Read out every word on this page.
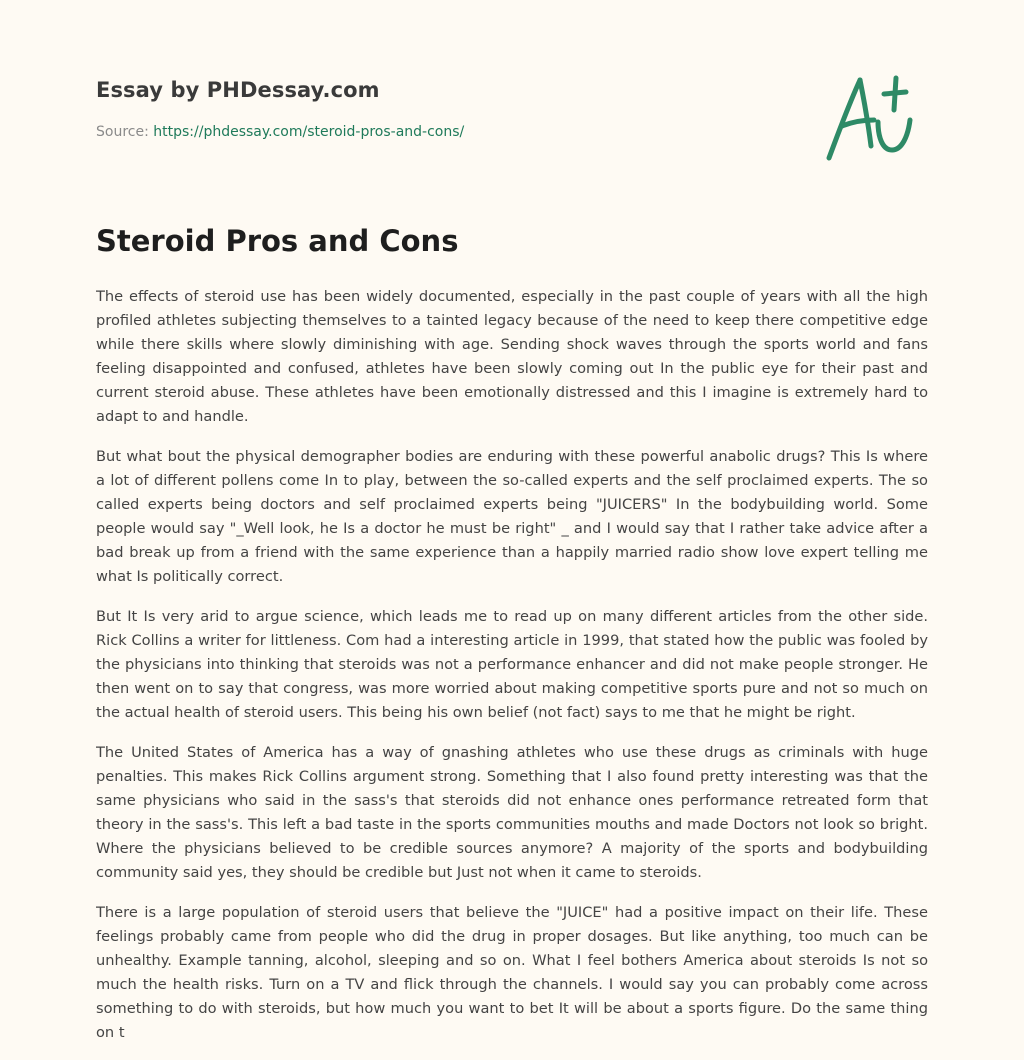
Essay by PHDessay.com
Source: https://phdessay.com/steroid-pros-and-cons/
Steroid Pros and Cons

The effects of steroid use has been widely documented, especially in the past couple of years with all the high profiled athletes subjecting themselves to a tainted legacy because of the need to keep there competitive edge while there skills where slowly diminishing with age. Sending shock waves through the sports world and fans feeling disappointed and confused, athletes have been slowly coming out In the public eye for their past and current steroid abuse. These athletes have been emotionally distressed and this I imagine is extremely hard to adapt to and handle.

But what bout the physical demographer bodies are enduring with these powerful anabolic drugs? This Is where a lot of different pollens come In to play, between the so-called experts and the self proclaimed experts. The so called experts being doctors and self proclaimed experts being "JUICERS" In the bodybuilding world. Some people would say "_Well look, he Is a doctor he must be right" _ and I would say that I rather take advice after a bad break up from a friend with the same experience than a happily married radio show love expert telling me what Is politically correct.

But It Is very arid to argue science, which leads me to read up on many different articles from the other side. Rick Collins a writer for littleness. Com had a interesting article in 1999, that stated how the public was fooled by the physicians into thinking that steroids was not a performance enhancer and did not make people stronger. He then went on to say that congress, was more worried about making competitive sports pure and not so much on the actual health of steroid users. This being his own belief (not fact) says to me that he might be right.

The United States of America has a way of gnashing athletes who use these drugs as criminals with huge penalties. This makes Rick Collins argument strong. Something that I also found pretty interesting was that the same physicians who said in the sass's that steroids did not enhance ones performance retreated form that theory in the sass's. This left a bad taste in the sports communities mouths and made Doctors not look so bright. Where the physicians believed to be credible sources anymore? A majority of the sports and bodybuilding community said yes, they should be credible but Just not when it came to steroids.

There is a large population of steroid users that believe the "JUICE" had a positive impact on their life. These feelings probably came from people who did the drug in proper dosages. But like anything, too much can be unhealthy. Example tanning, alcohol, sleeping and so on. What I feel bothers America about steroids Is not so much the health risks. Turn on a TV and flick through the channels. I would say you can probably come across something to do with steroids, but how much you want to bet It will be about a sports figure. Do the same thing on t
